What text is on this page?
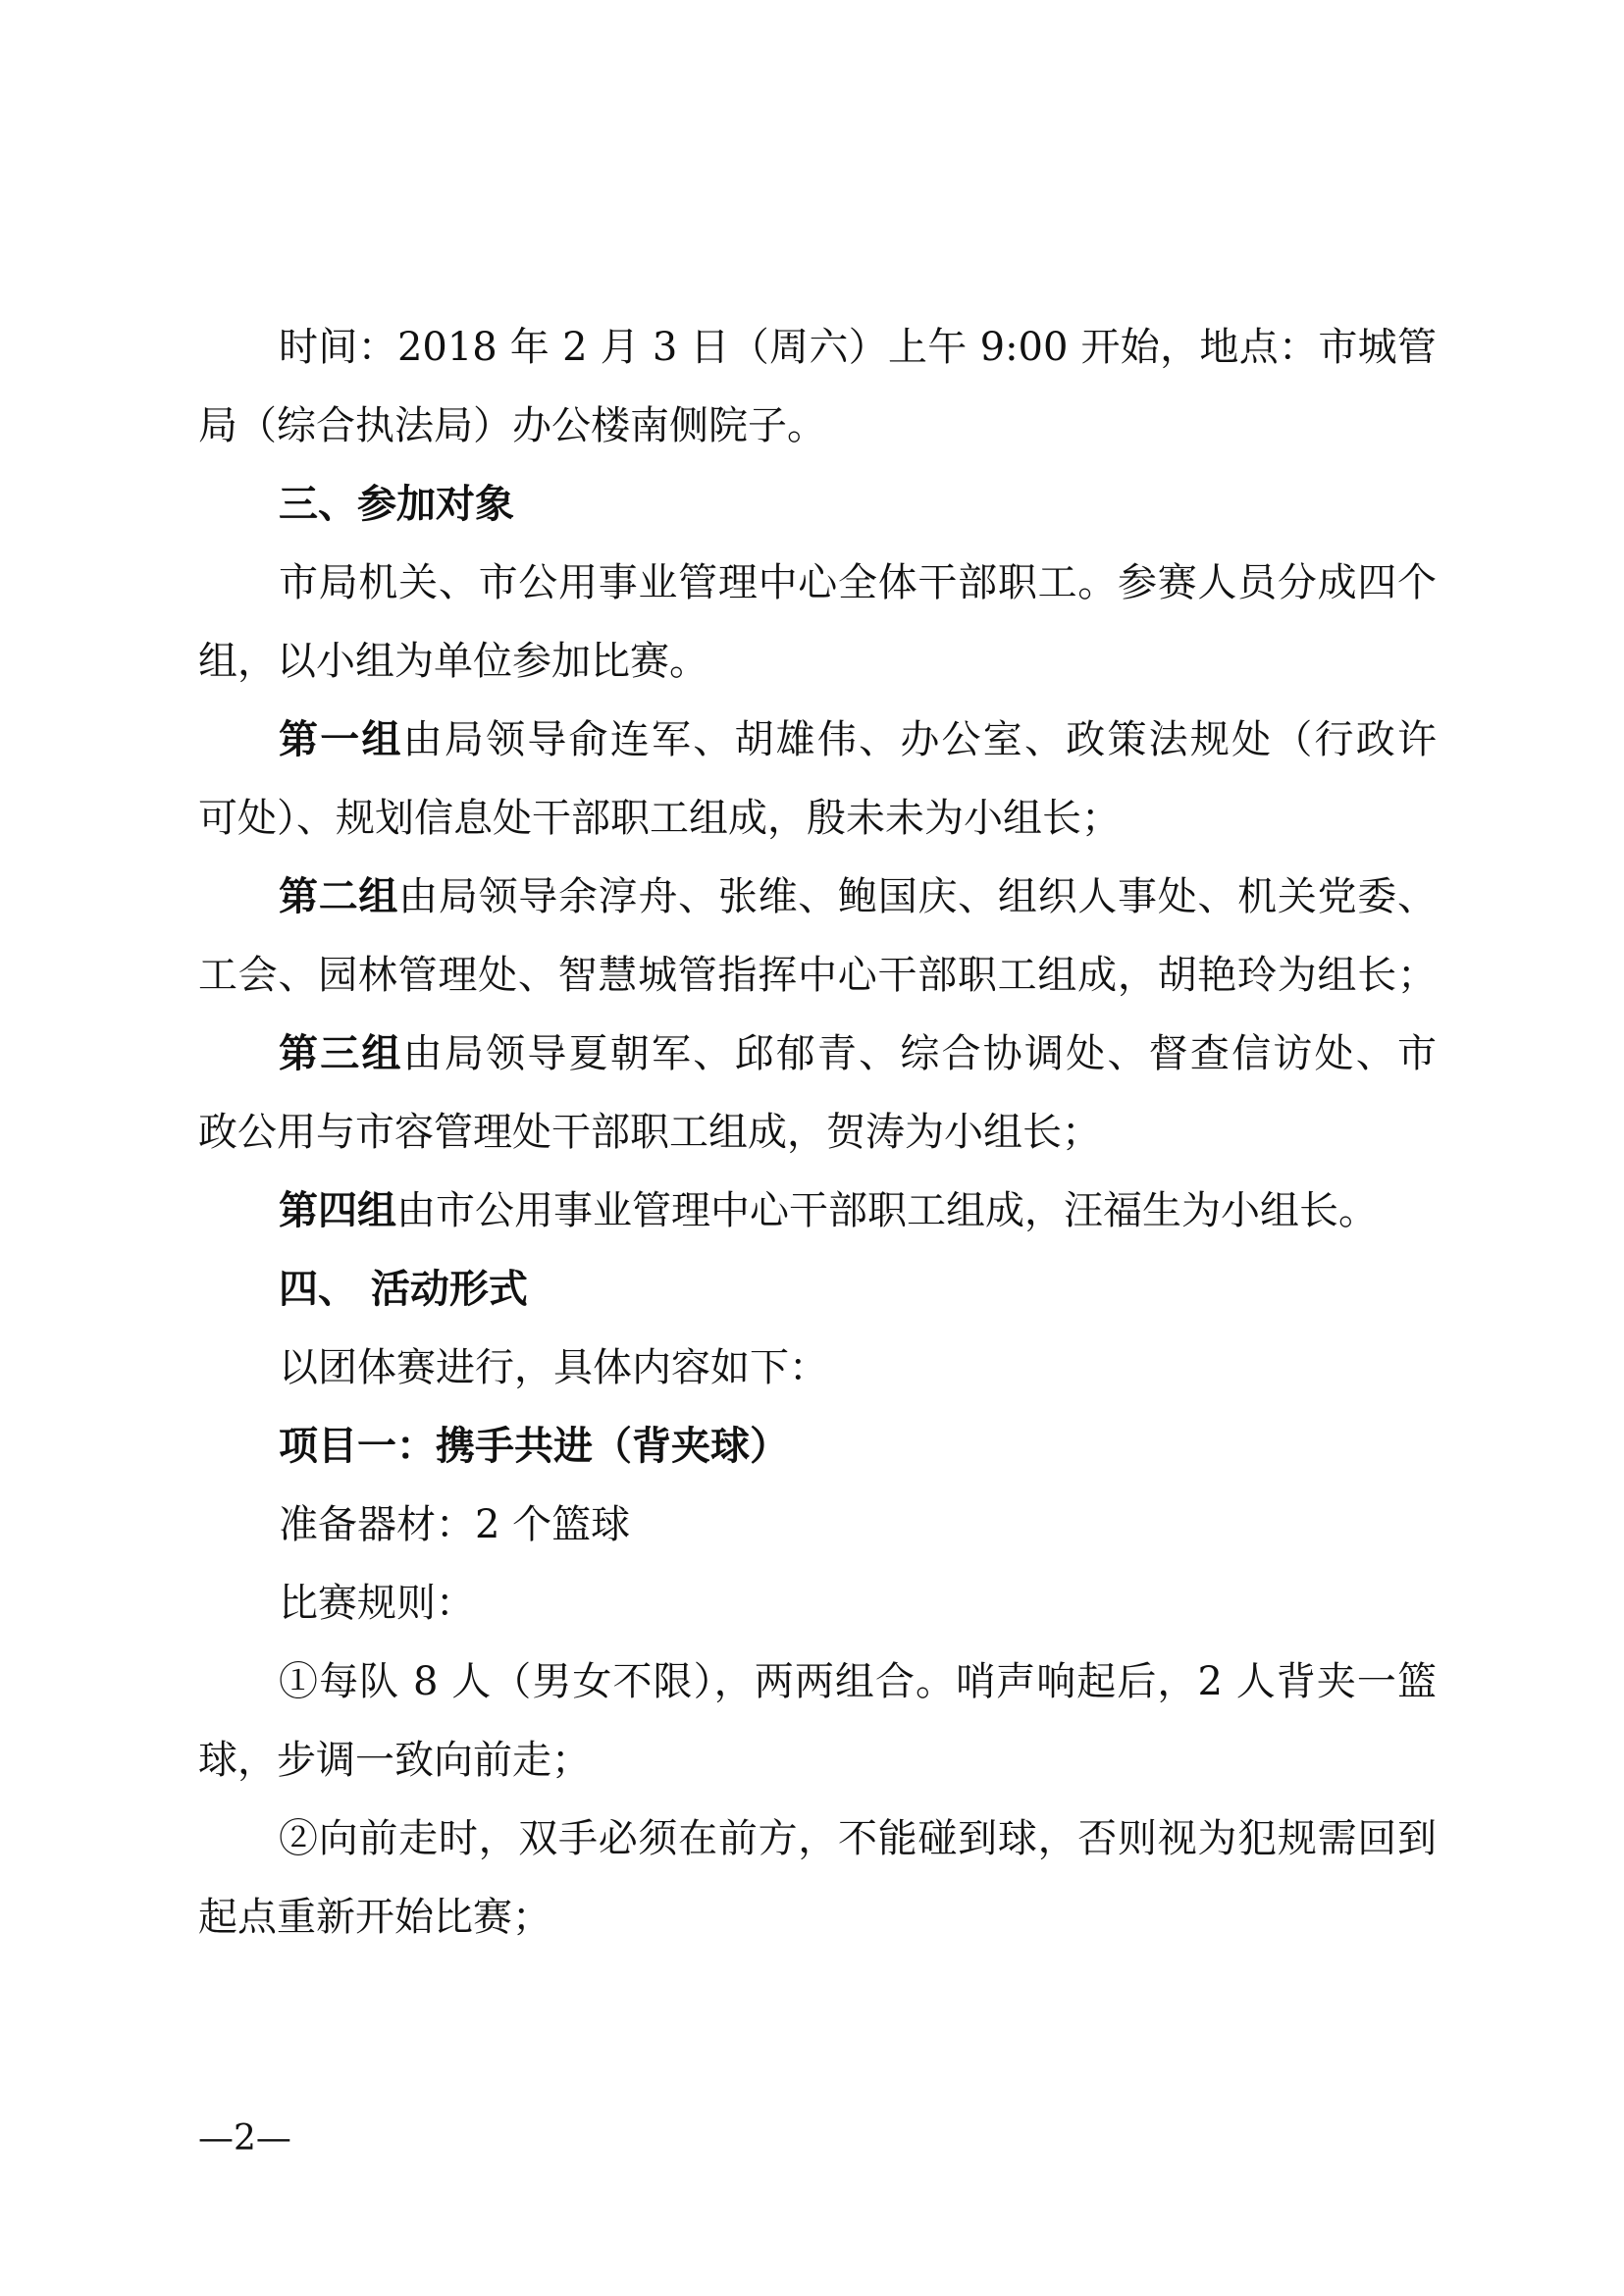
时间：2018 年 2 月 3 日（周六）上午 9:00 开始，地点：市城管
局（综合执法局）办公楼南侧院子。
三、参加对象
市局机关、市公用事业管理中心全体干部职工。参赛人员分成四个
组，以小组为单位参加比赛。
第一组由局领导俞连军、胡雄伟、办公室、政策法规处（行政许
可处）、规划信息处干部职工组成，殷未未为小组长；
第二组由局领导余淳舟、张维、鲍国庆、组织人事处、机关党委、
工会、园林管理处、智慧城管指挥中心干部职工组成，胡艳玲为组长；
第三组由局领导夏朝军、邱郁青、综合协调处、督查信访处、市
政公用与市容管理处干部职工组成，贺涛为小组长；
第四组由市公用事业管理中心干部职工组成，汪福生为小组长。
四、 活动形式
以团体赛进行，具体内容如下：
项目一：携手共进（背夹球）
准备器材：2 个篮球
比赛规则：
①每队 8 人（男女不限），两两组合。哨声响起后，2 人背夹一篮
球，步调一致向前走；
②向前走时，双手必须在前方，不能碰到球，否则视为犯规需回到
起点重新开始比赛；
—2—
